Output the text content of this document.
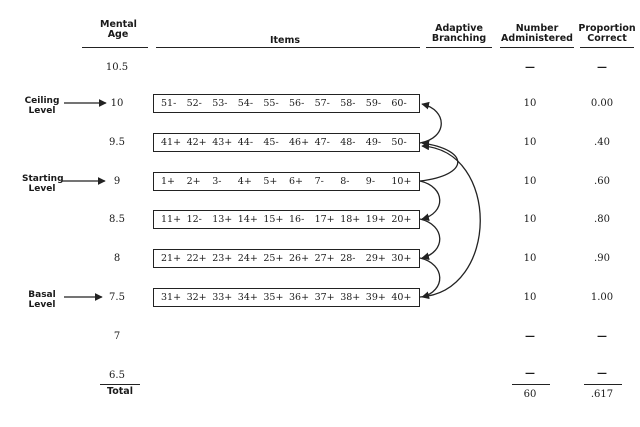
Mental Age
Items
Adaptive Branching
Number Administered
Proportion Correct
10.5
10
9.5
9
8.5
8
7.5
7
6.5
Ceiling Level
Starting Level
Basal Level
51- 52- 53- 54- 55- 56- 57- 58- 59- 60-
41+ 42+ 43+ 44- 45- 46+ 47- 48- 49- 50-
1+ 2+ 3- 4+ 5+ 6+ 7- 8- 9- 10+
11+ 12- 13+ 14+ 15+ 16- 17+ 18+ 19+ 20+
21+ 22+ 23+ 24+ 25+ 26+ 27+ 28- 29+ 30+
31+ 32+ 33+ 34+ 35+ 36+ 37+ 38+ 39+ 40+
—
10
10
10
10
10
10
—
—
—
0.00
.40
.60
.80
.90
1.00
—
—
Total	60	.617
